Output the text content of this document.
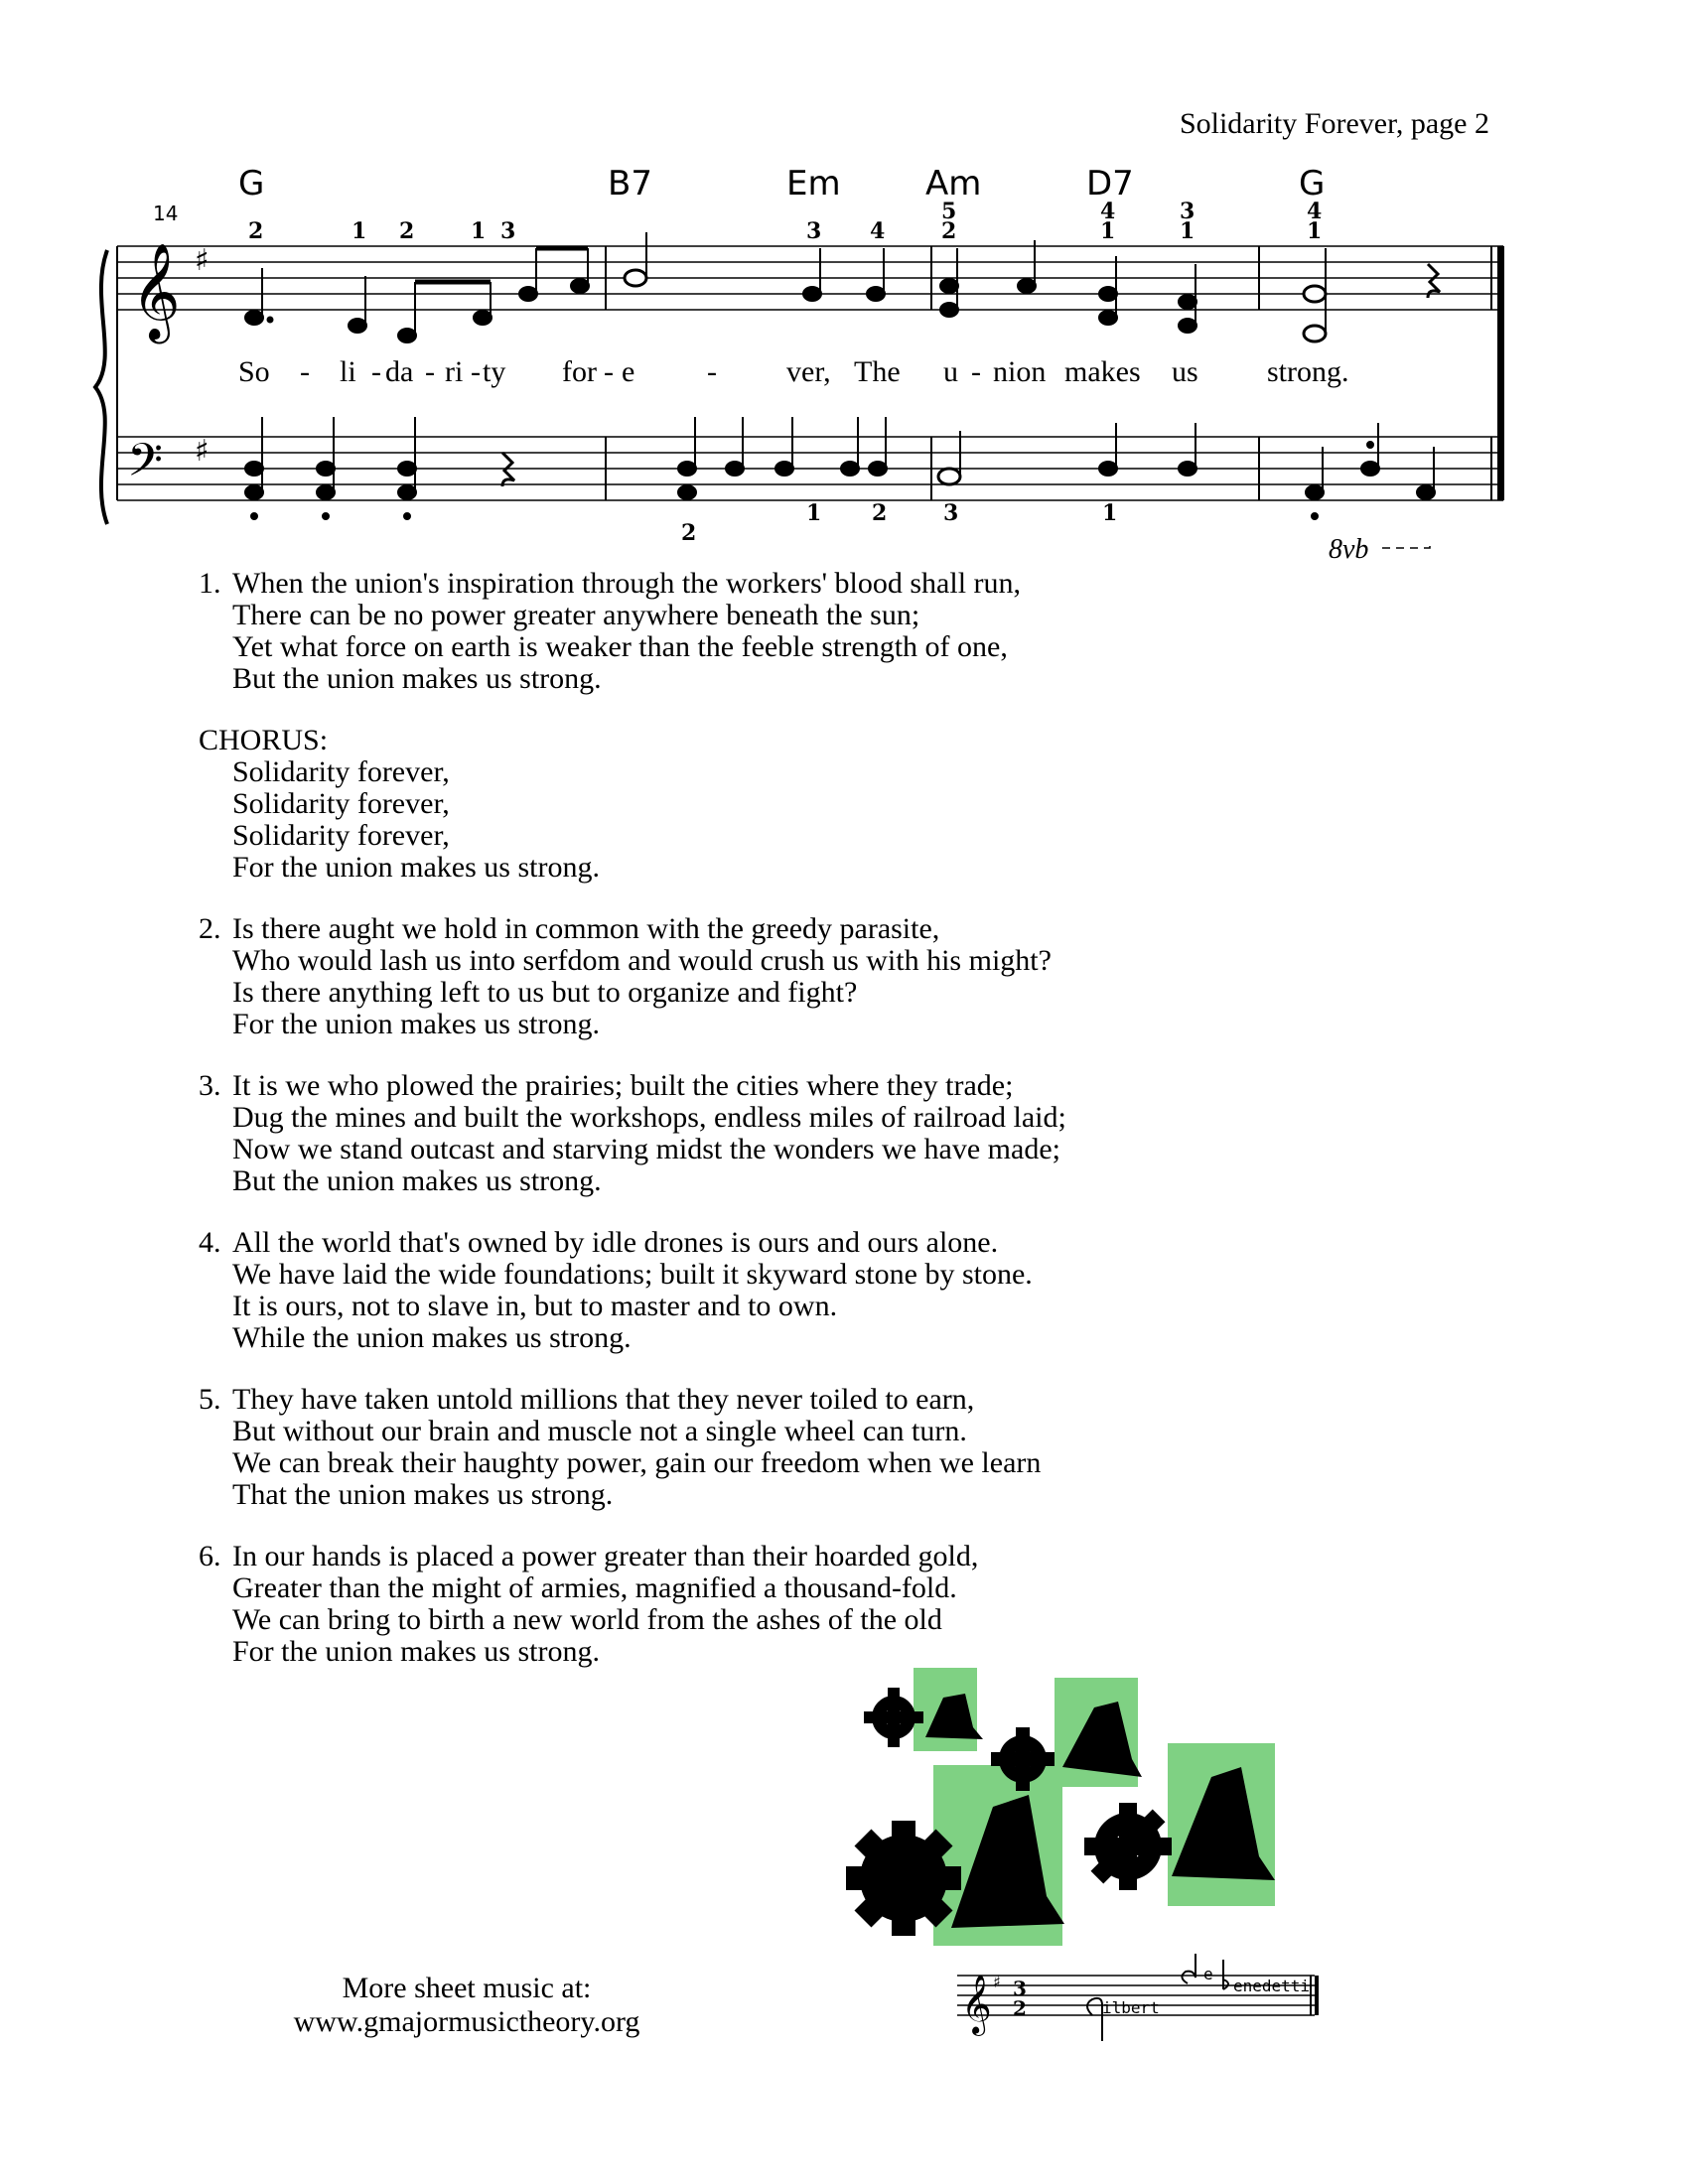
Solidarity Forever, page 2
G	B7	Em	Am	D7	G
14
𝄞
𝄢
♯
♯
2	1 2	1 3	3 4
5
2
4
1
3
1
4
1
2
1 2	3	1
8vb
So - li - da - ri - ty for - e - ver, The u - nion makes us strong.
1. When the union's inspiration through the workers' blood shall run,
There can be no power greater anywhere beneath the sun;
Yet what force on earth is weaker than the feeble strength of one,
But the union makes us strong.
CHORUS:
Solidarity forever,
Solidarity forever,
Solidarity forever,
For the union makes us strong.
2. Is there aught we hold in common with the greedy parasite,
Who would lash us into serfdom and would crush us with his might?
Is there anything left to us but to organize and fight?
For the union makes us strong.
3. It is we who plowed the prairies; built the cities where they trade;
Dug the mines and built the workshops, endless miles of railroad laid;
Now we stand outcast and starving midst the wonders we have made;
But the union makes us strong.
4. All the world that's owned by idle drones is ours and ours alone.
We have laid the wide foundations; built it skyward stone by stone.
It is ours, not to slave in, but to master and to own.
While the union makes us strong.
5. They have taken untold millions that they never toiled to earn,
But without our brain and muscle not a single wheel can turn.
We can break their haughty power, gain our freedom when we learn
That the union makes us strong.
6. In our hands is placed a power greater than their hoarded gold,
Greater than the might of armies, magnified a thousand-fold.
We can bring to birth a new world from the ashes of the old
For the union makes us strong.
𝄞 ♯ 3
2	ilbert
e
enedetti
More sheet music at:
www.gmajormusictheory.org
